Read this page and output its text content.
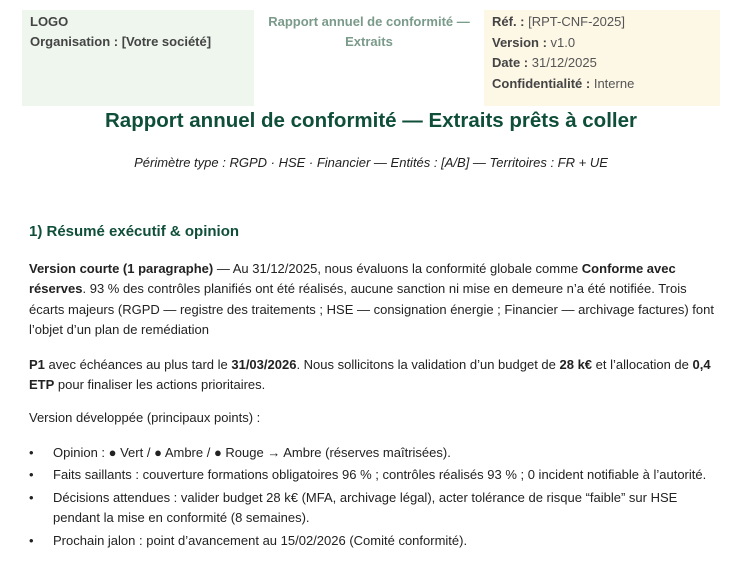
LOGO
Organisation : [Votre société]
Rapport annuel de conformité —
Extraits
Réf. : [RPT-CNF-2025]
Version : v1.0
Date : 31/12/2025
Confidentialité : Interne
Rapport annuel de conformité — Extraits prêts à coller
Périmètre type : RGPD · HSE · Financier — Entités : [A/B] — Territoires : FR + UE
1) Résumé exécutif & opinion
Version courte (1 paragraphe) — Au 31/12/2025, nous évaluons la conformité globale comme Conforme avec réserves. 93 % des contrôles planifiés ont été réalisés, aucune sanction ni mise en demeure n’a été notifiée. Trois écarts majeurs (RGPD — registre des traitements ; HSE — consignation énergie ; Financier — archivage factures) font l’objet d’un plan de remédiation
P1 avec échéances au plus tard le 31/03/2026. Nous sollicitons la validation d’un budget de 28 k€ et l’allocation de 0,4 ETP pour finaliser les actions prioritaires.
Version développée (principaux points) :
• Opinion : ● Vert / ● Ambre / ● Rouge → Ambre (réserves maîtrisées).
• Faits saillants : couverture formations obligatoires 96 % ; contrôles réalisés 93 % ; 0 incident notifiable à l’autorité.
• Décisions attendues : valider budget 28 k€ (MFA, archivage légal), acter tolérance de risque “faible” sur HSE pendant la mise en conformité (8 semaines).
• Prochain jalon : point d’avancement au 15/02/2026 (Comité conformité).
